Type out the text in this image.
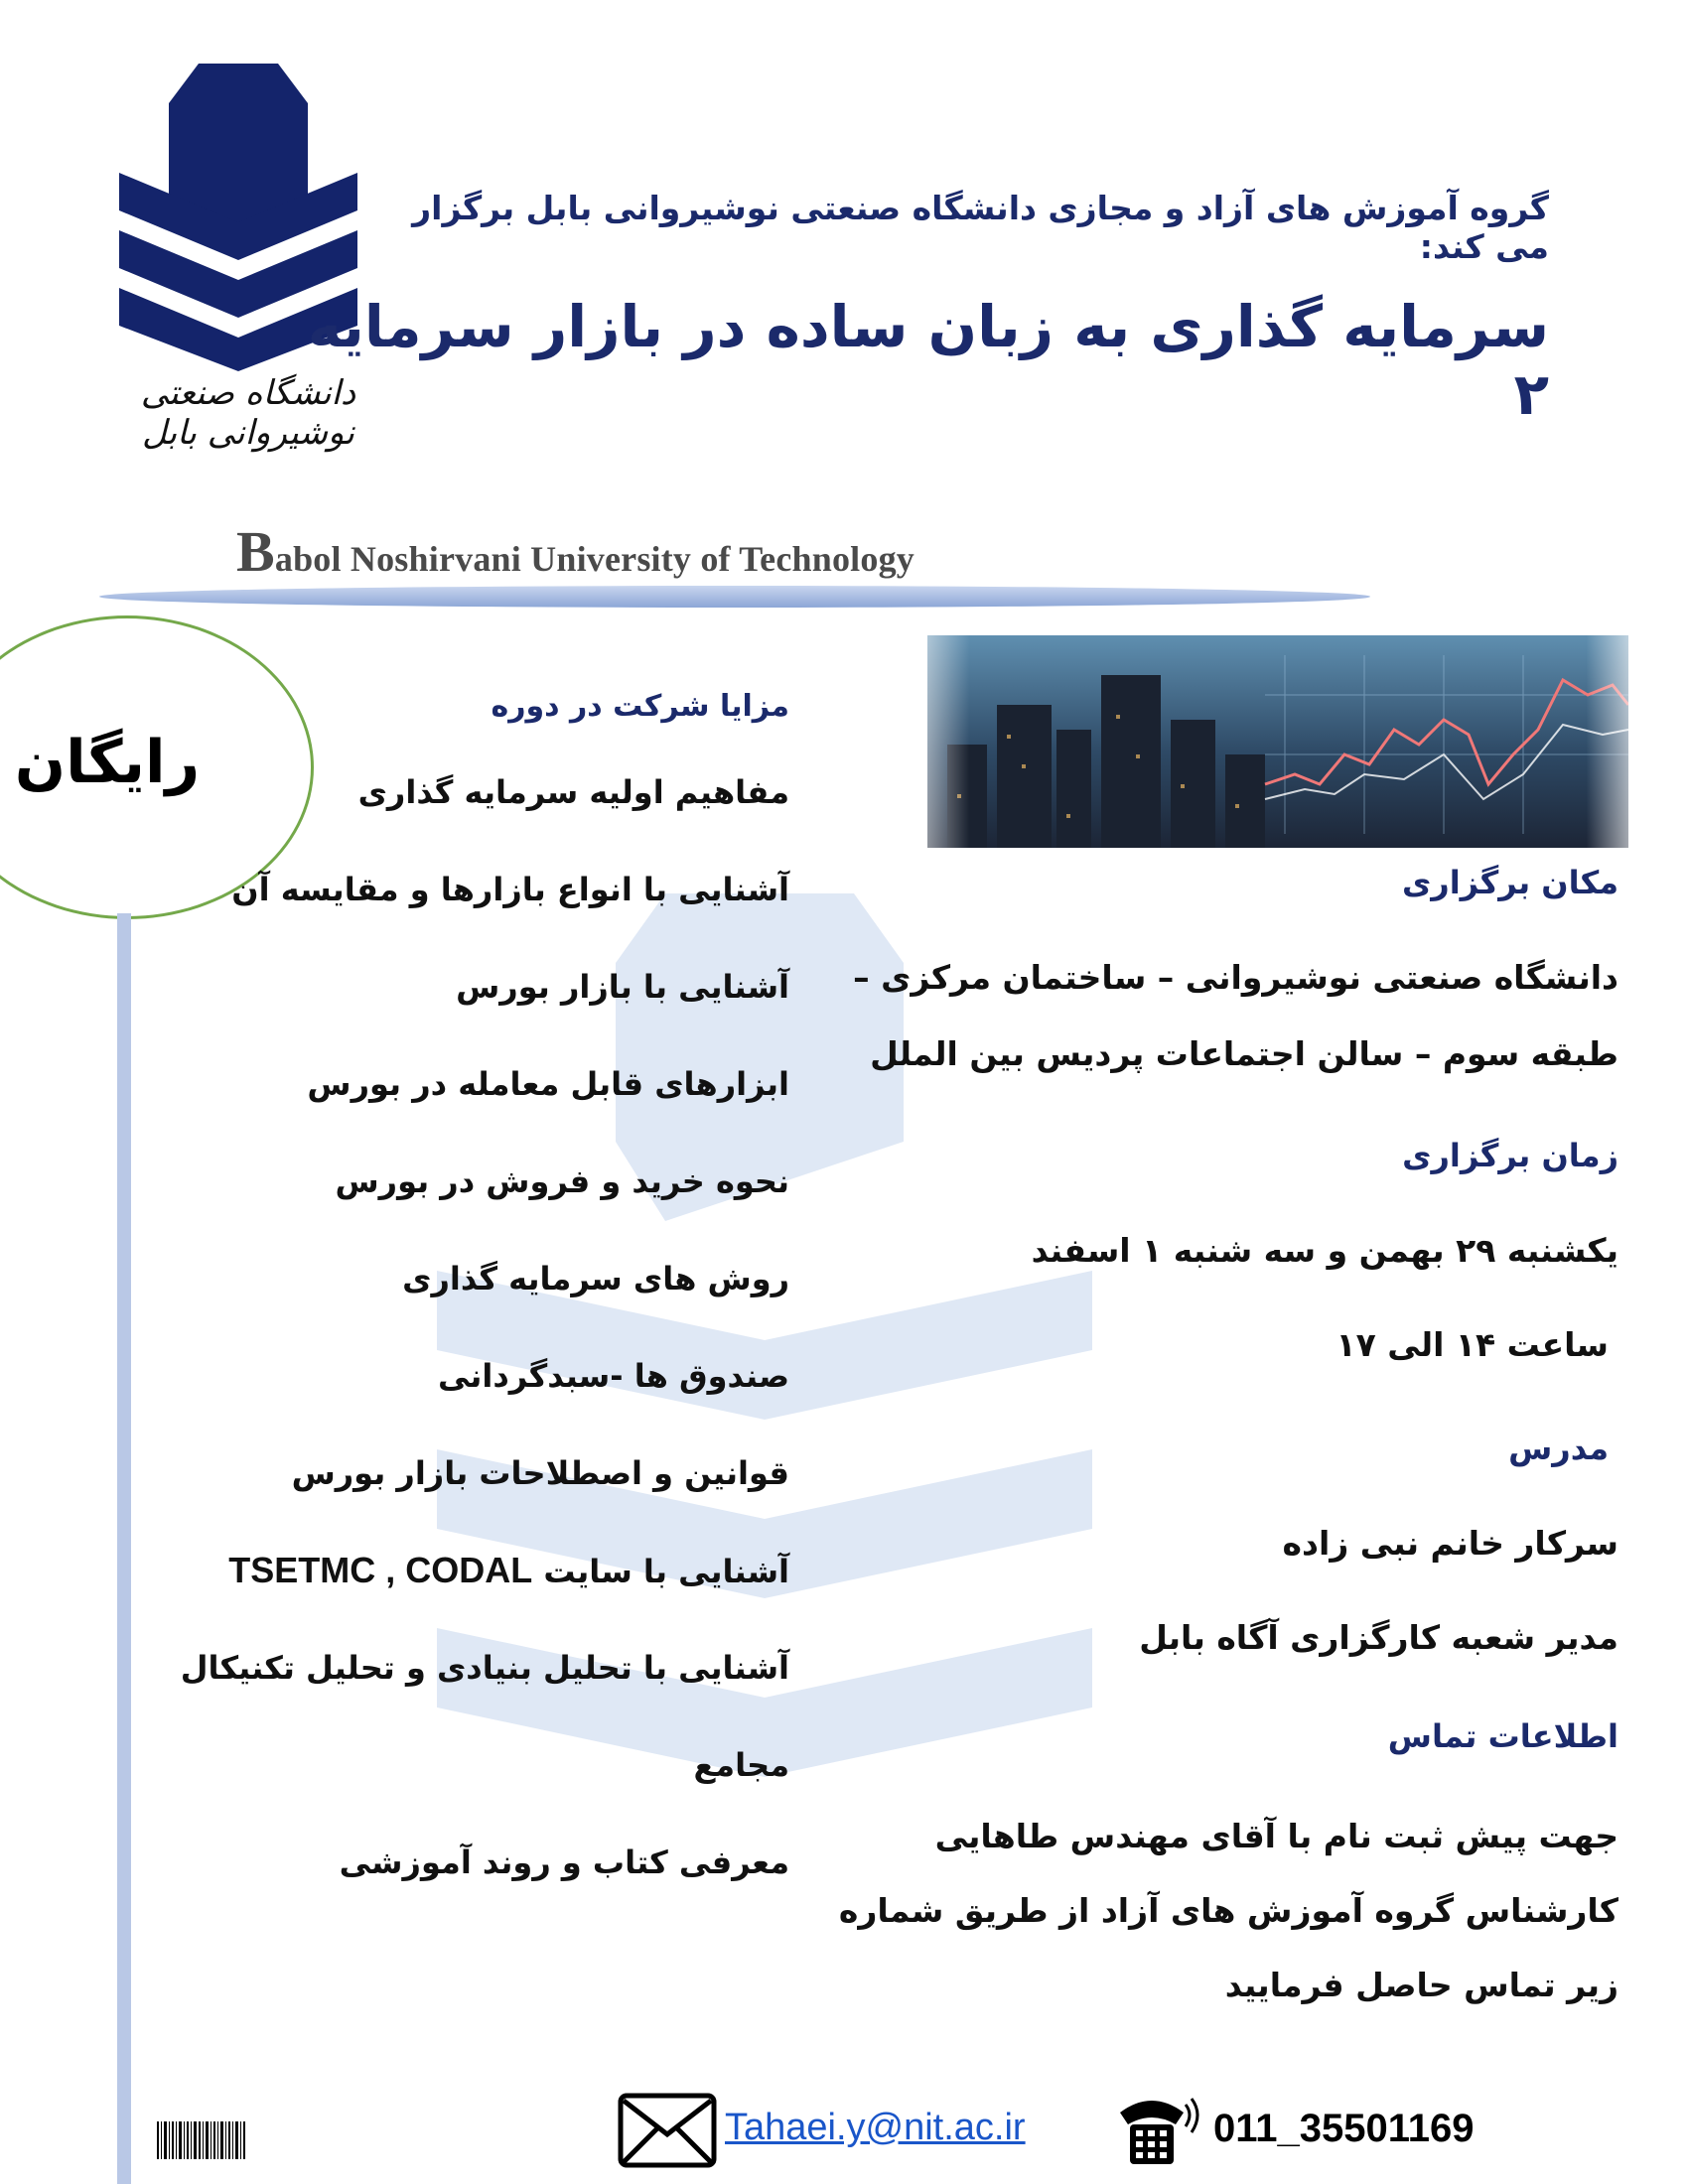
دانشگاه صنعتی نوشیروانی بابل
گروه آموزش های آزاد و مجازی دانشگاه صنعتی نوشیروانی بابل برگزار می کند:
سرمایه گذاری به زبان ساده در بازار سرمایه ۲
Babol Noshirvani University of Technology
رایگان
مزایا شرکت در دوره
مفاهیم اولیه سرمایه گذاری
آشنایی با انواع بازارها و مقایسه آن
آشنایی با بازار بورس
ابزارهای قابل معامله در بورس
نحوه خرید و فروش در بورس
روش های سرمایه گذاری
صندوق ها -سبدگردانی
قوانین و اصطلاحات بازار بورس
آشنایی با سایت TSETMC , CODAL
آشنایی با تحلیل بنیادی و تحلیل تکنیکال
مجامع
معرفی کتاب و روند آموزشی
مکان برگزاری
دانشگاه صنعتی نوشیروانی – ساختمان مرکزی –
طبقه سوم – سالن اجتماعات پردیس بین الملل
زمان برگزاری
یکشنبه ۲۹ بهمن و سه شنبه ۱ اسفند
ساعت ۱۴ الی ۱۷
مدرس
سرکار خانم نبی زاده
مدیر شعبه کارگزاری آگاه بابل
اطلاعات تماس
جهت پیش ثبت نام با آقای مهندس طاهایی
کارشناس گروه آموزش های آزاد از طریق شماره
زیر تماس حاصل فرمایید
Tahaei.y@nit.ac.ir	011_35501169
